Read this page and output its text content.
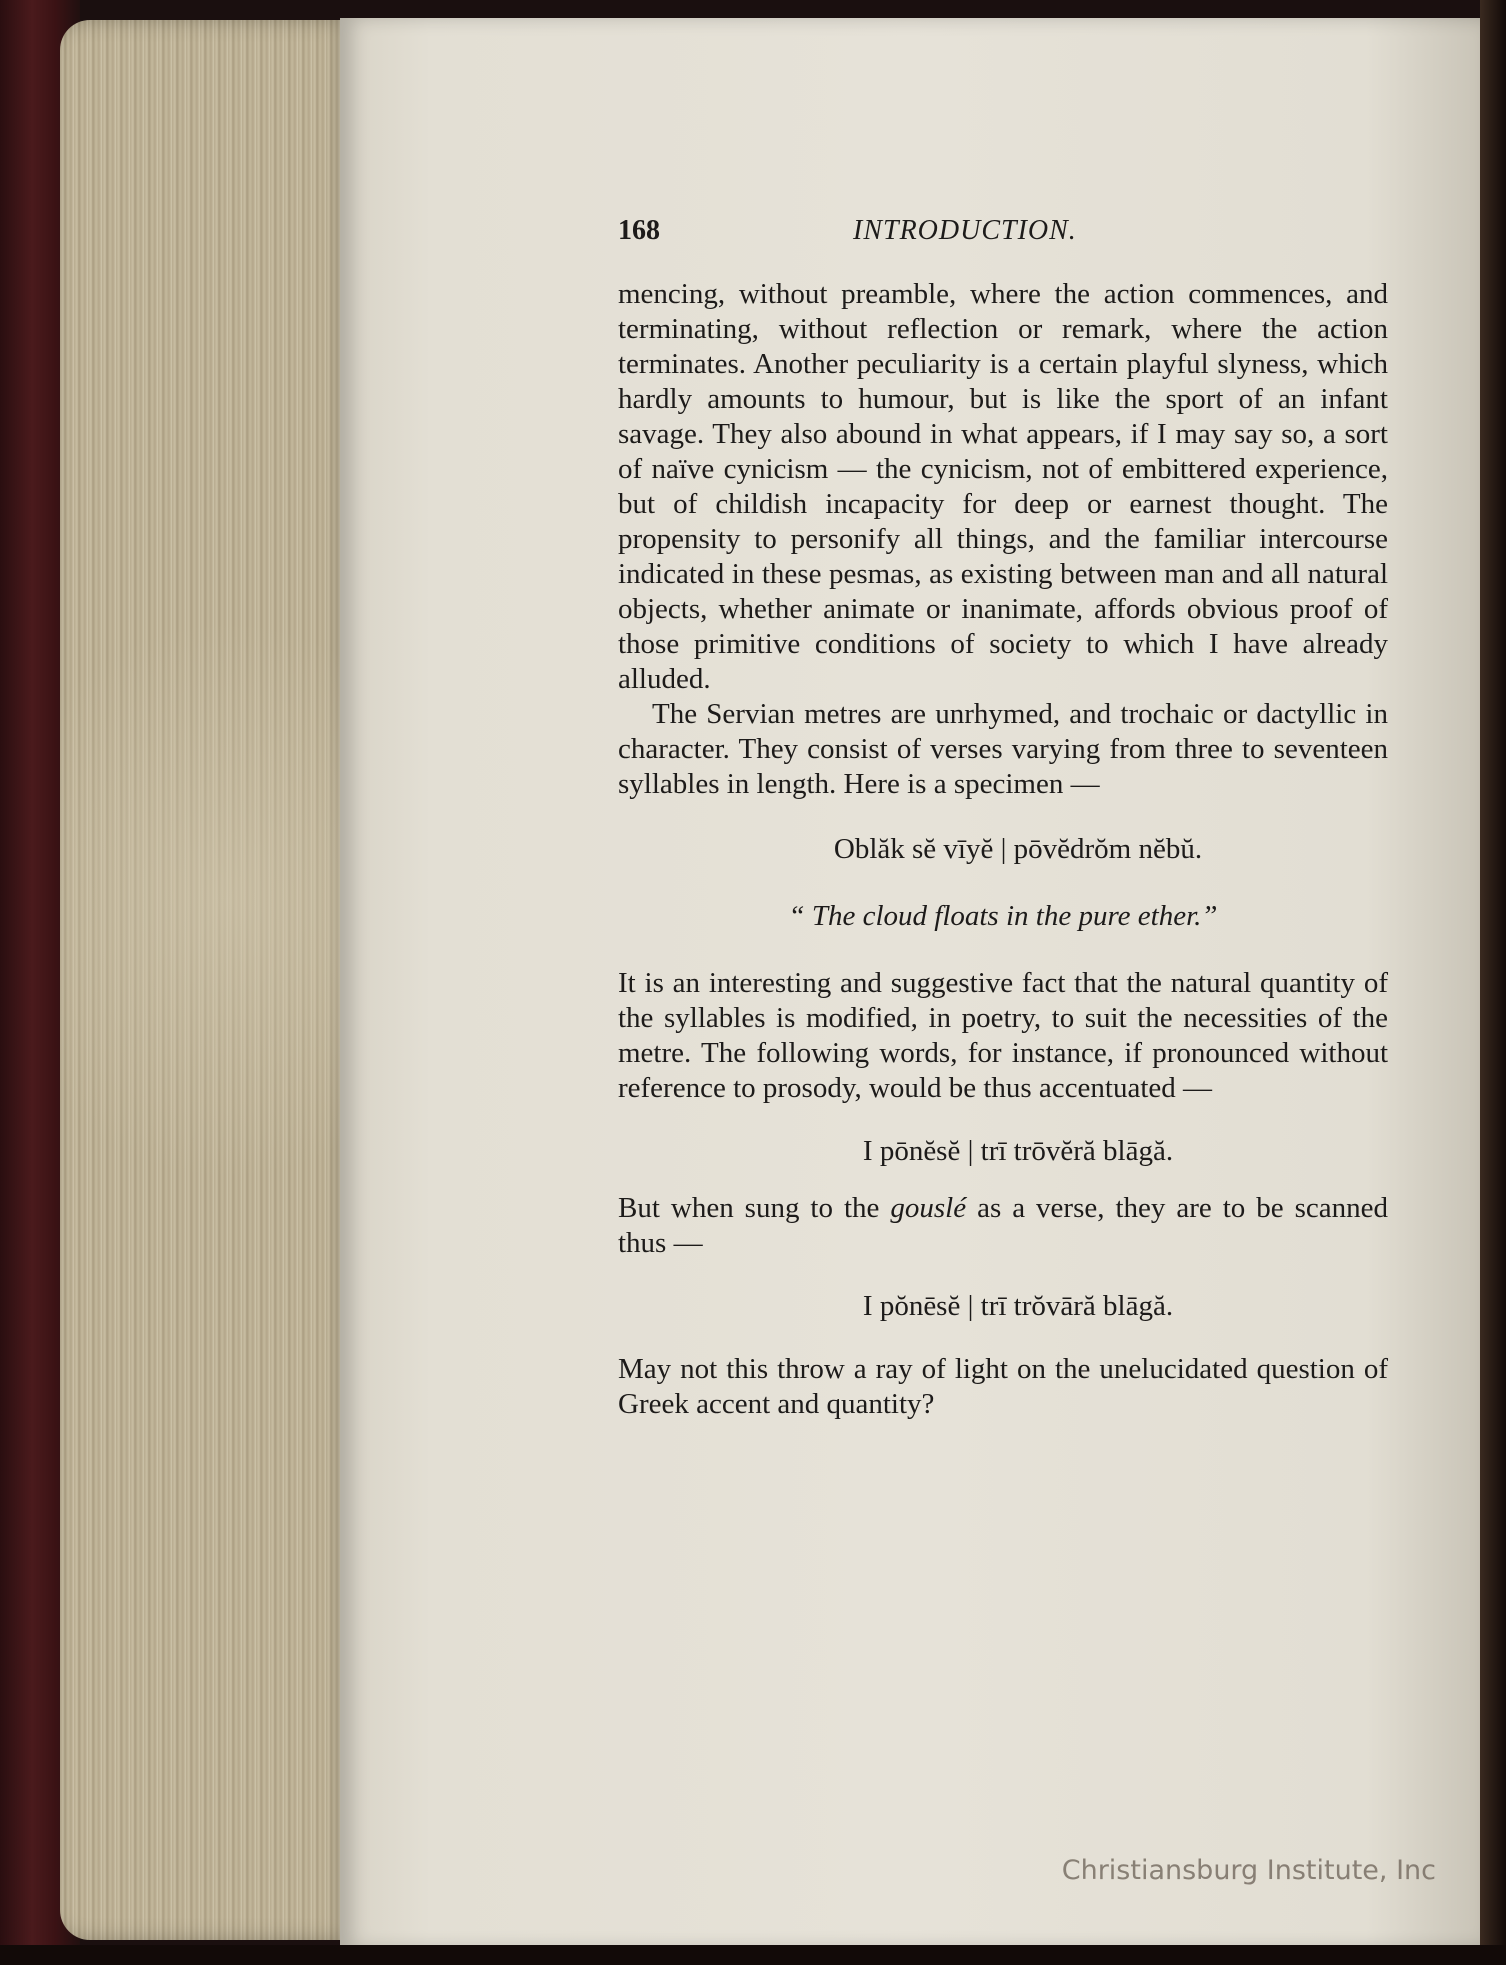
168	INTRODUCTION.

mencing, without preamble, where the action commences, and terminating, without reflection or remark, where the action terminates. Another peculiarity is a certain playful slyness, which hardly amounts to humour, but is like the sport of an infant savage. They also abound in what appears, if I may say so, a sort of naïve cynicism — the cynicism, not of embittered experience, but of childish incapacity for deep or earnest thought. The propensity to personify all things, and the familiar intercourse indicated in these pesmas, as existing between man and all natural objects, whether animate or inanimate, affords obvious proof of those primitive conditions of society to which I have already alluded.

The Servian metres are unrhymed, and trochaic or dactyllic in character. They consist of verses varying from three to seventeen syllables in length. Here is a specimen —

Oblăk sĕ vīyĕ | pōvĕdrŏm nĕbŭ.

“ The cloud floats in the pure ether.”

It is an interesting and suggestive fact that the natural quantity of the syllables is modified, in poetry, to suit the necessities of the metre. The following words, for instance, if pronounced without reference to prosody, would be thus accentuated —

I pōnĕsĕ | trī trōvĕră blāgă.

But when sung to the gouslé as a verse, they are to be scanned thus —

I pŏnēsĕ | trī trŏvāră blāgă.

May not this throw a ray of light on the unelucidated question of Greek accent and quantity?

Christiansburg Institute, Inc
